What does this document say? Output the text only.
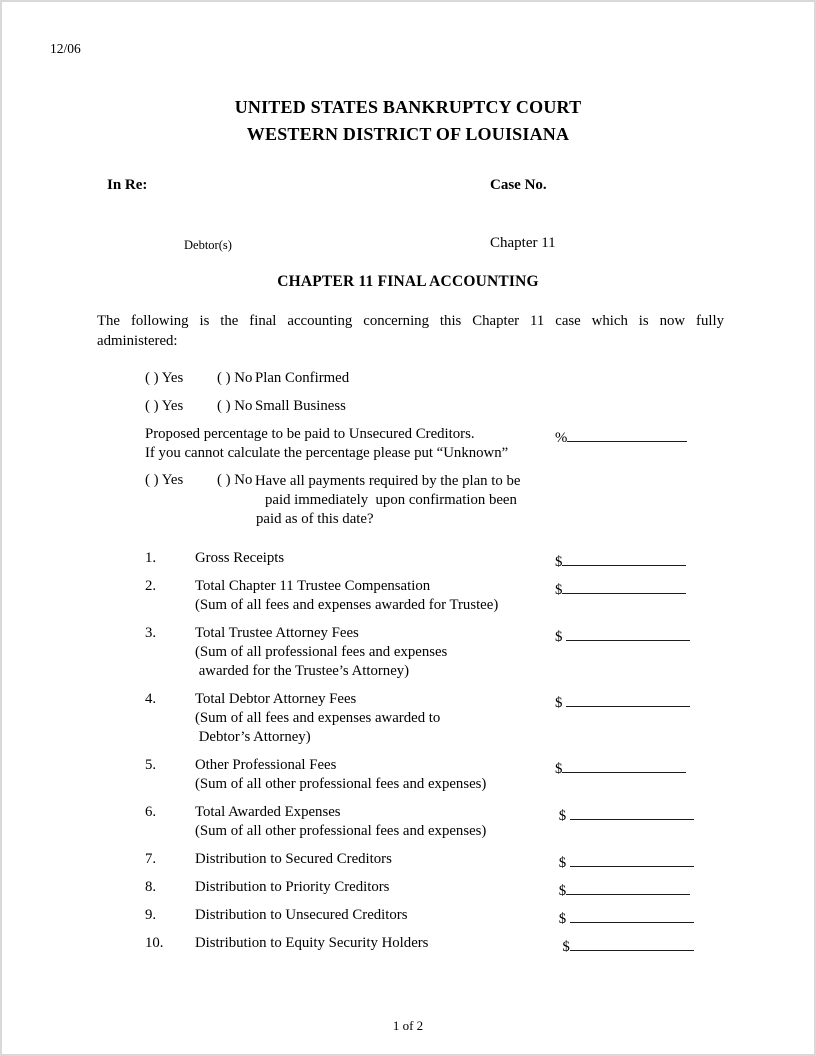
12/06
UNITED STATES BANKRUPTCY COURT
WESTERN DISTRICT OF LOUISIANA
In Re:	Case No.
Debtor(s)	Chapter 11
CHAPTER 11 FINAL ACCOUNTING
The following is the final accounting concerning this Chapter 11 case which is now fully
administered:
( ) Yes ( ) No Plan Confirmed
( ) Yes ( ) No Small Business
Proposed percentage to be paid to Unsecured Creditors.
If you cannot calculate the percentage please put “Unknown”
%
( ) Yes ( ) No Have all payments required by the plan to be
paid immediately  upon confirmation been
paid as of this date?
1.	Gross Receipts	$
2.	Total Chapter 11 Trustee Compensation
(Sum of all fees and expenses awarded for Trustee)
$
3.	Total Trustee Attorney Fees
(Sum of all professional fees and expenses
awarded for the Trustee’s Attorney)
$
4.	Total Debtor Attorney Fees
(Sum of all fees and expenses awarded to
Debtor’s Attorney)
$
5.	Other Professional Fees
(Sum of all other professional fees and expenses)
$
6.	Total Awarded Expenses
(Sum of all other professional fees and expenses)
$
7.	Distribution to Secured Creditors	$
8.	Distribution to Priority Creditors	$
9.	Distribution to Unsecured Creditors	$
10. Distribution to Equity Security Holders	$
1 of 2
